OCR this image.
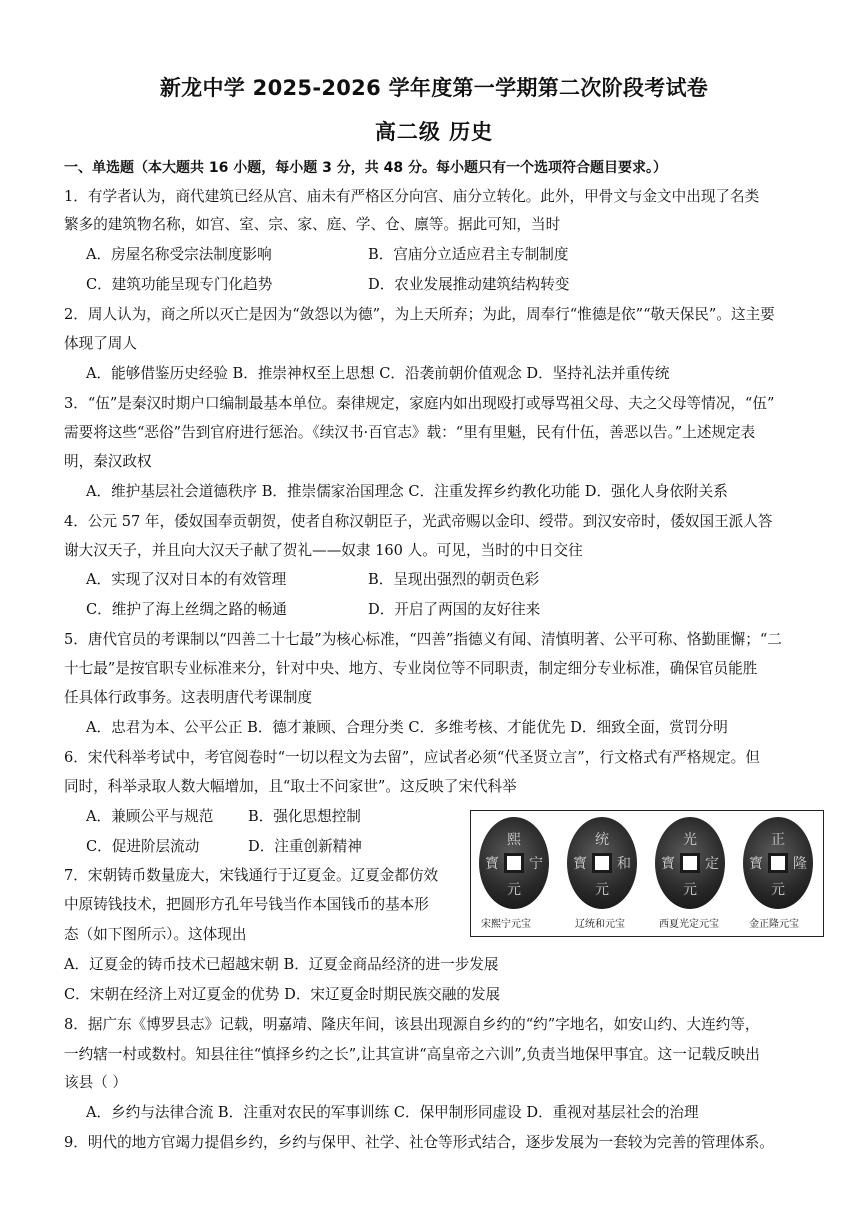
新龙中学 2025-2026 学年度第一学期第二次阶段考试卷
高二级 历史
一、单选题（本大题共 16 小题，每小题 3 分，共 48 分。每小题只有一个选项符合题目要求。）
1．有学者认为，商代建筑已经从宫、庙未有严格区分向宫、庙分立转化。此外，甲骨文与金文中出现了名类
繁多的建筑物名称，如宫、室、宗、家、庭、学、仓、廪等。据此可知，当时
A．房屋名称受宗法制度影响	B．宫庙分立适应君主专制制度
C．建筑功能呈现专门化趋势	D．农业发展推动建筑结构转变
2．周人认为，商之所以灭亡是因为“敛怨以为德”，为上天所弃；为此，周奉行“惟德是依”“敬天保民”。这主要
体现了周人
A．能够借鉴历史经验 B．推崇神权至上思想 C．沿袭前朝价值观念 D．坚持礼法并重传统
3．“伍”是秦汉时期户口编制最基本单位。秦律规定，家庭内如出现殴打或辱骂祖父母、夫之父母等情况，“伍”
需要将这些“恶俗”告到官府进行惩治。《续汉书·百官志》载：“里有里魁，民有什伍，善恶以告。”上述规定表
明，秦汉政权
A．维护基层社会道德秩序 B．推崇儒家治国理念 C．注重发挥乡约教化功能 D．强化人身依附关系
4．公元 57 年，倭奴国奉贡朝贺，使者自称汉朝臣子，光武帝赐以金印、绶带。到汉安帝时，倭奴国王派人答
谢大汉天子，并且向大汉天子献了贺礼——奴隶 160 人。可见，当时的中日交往
A．实现了汉对日本的有效管理	B．呈现出强烈的朝贡色彩
C．维护了海上丝绸之路的畅通	D．开启了两国的友好往来
5．唐代官员的考课制以“四善二十七最”为核心标准，“四善”指德义有闻、清慎明著、公平可称、恪勤匪懈；“二
十七最”是按官职专业标准来分，针对中央、地方、专业岗位等不同职责，制定细分专业标准，确保官员能胜
任具体行政事务。这表明唐代考课制度
A．忠君为本、公平公正 B．德才兼顾、合理分类 C．多维考核、才能优先 D．细致全面，赏罚分明
6．宋代科举考试中，考官阅卷时“一切以程文为去留”，应试者必须“代圣贤立言”，行文格式有严格规定。但
同时，科举录取人数大幅增加，且“取士不问家世”。这反映了宋代科举
A．兼顾公平与规范 B．强化思想控制
C．促进阶层流动	D．注重创新精神
7．宋朝铸币数量庞大，宋钱通行于辽夏金。辽夏金都仿效
中原铸钱技术，把圆形方孔年号钱当作本国钱币的基本形
态（如下图所示）。这体现出
A．辽夏金的铸币技术已超越宋朝 B．辽夏金商品经济的进一步发展
C．宋朝在经济上对辽夏金的优势 D．宋辽夏金时期民族交融的发展
熙
宁
元
寳
统
和
元
寳
光
定
元
寳
正
隆
元
寳
宋熙宁元宝	辽统和元宝	西夏光定元宝	金正隆元宝
8．据广东《博罗县志》记载，明嘉靖、隆庆年间，该县出现源自乡约的“约”字地名，如安山约、大连约等，
一约辖一村或数村。知县往往“慎择乡约之长”,让其宣讲“高皇帝之六训”,负责当地保甲事宜。这一记载反映出
该县（ ）
A．乡约与法律合流 B．注重对农民的军事训练 C．保甲制形同虚设 D．重视对基层社会的治理
9．明代的地方官竭力提倡乡约，乡约与保甲、社学、社仓等形式结合，逐步发展为一套较为完善的管理体系。
